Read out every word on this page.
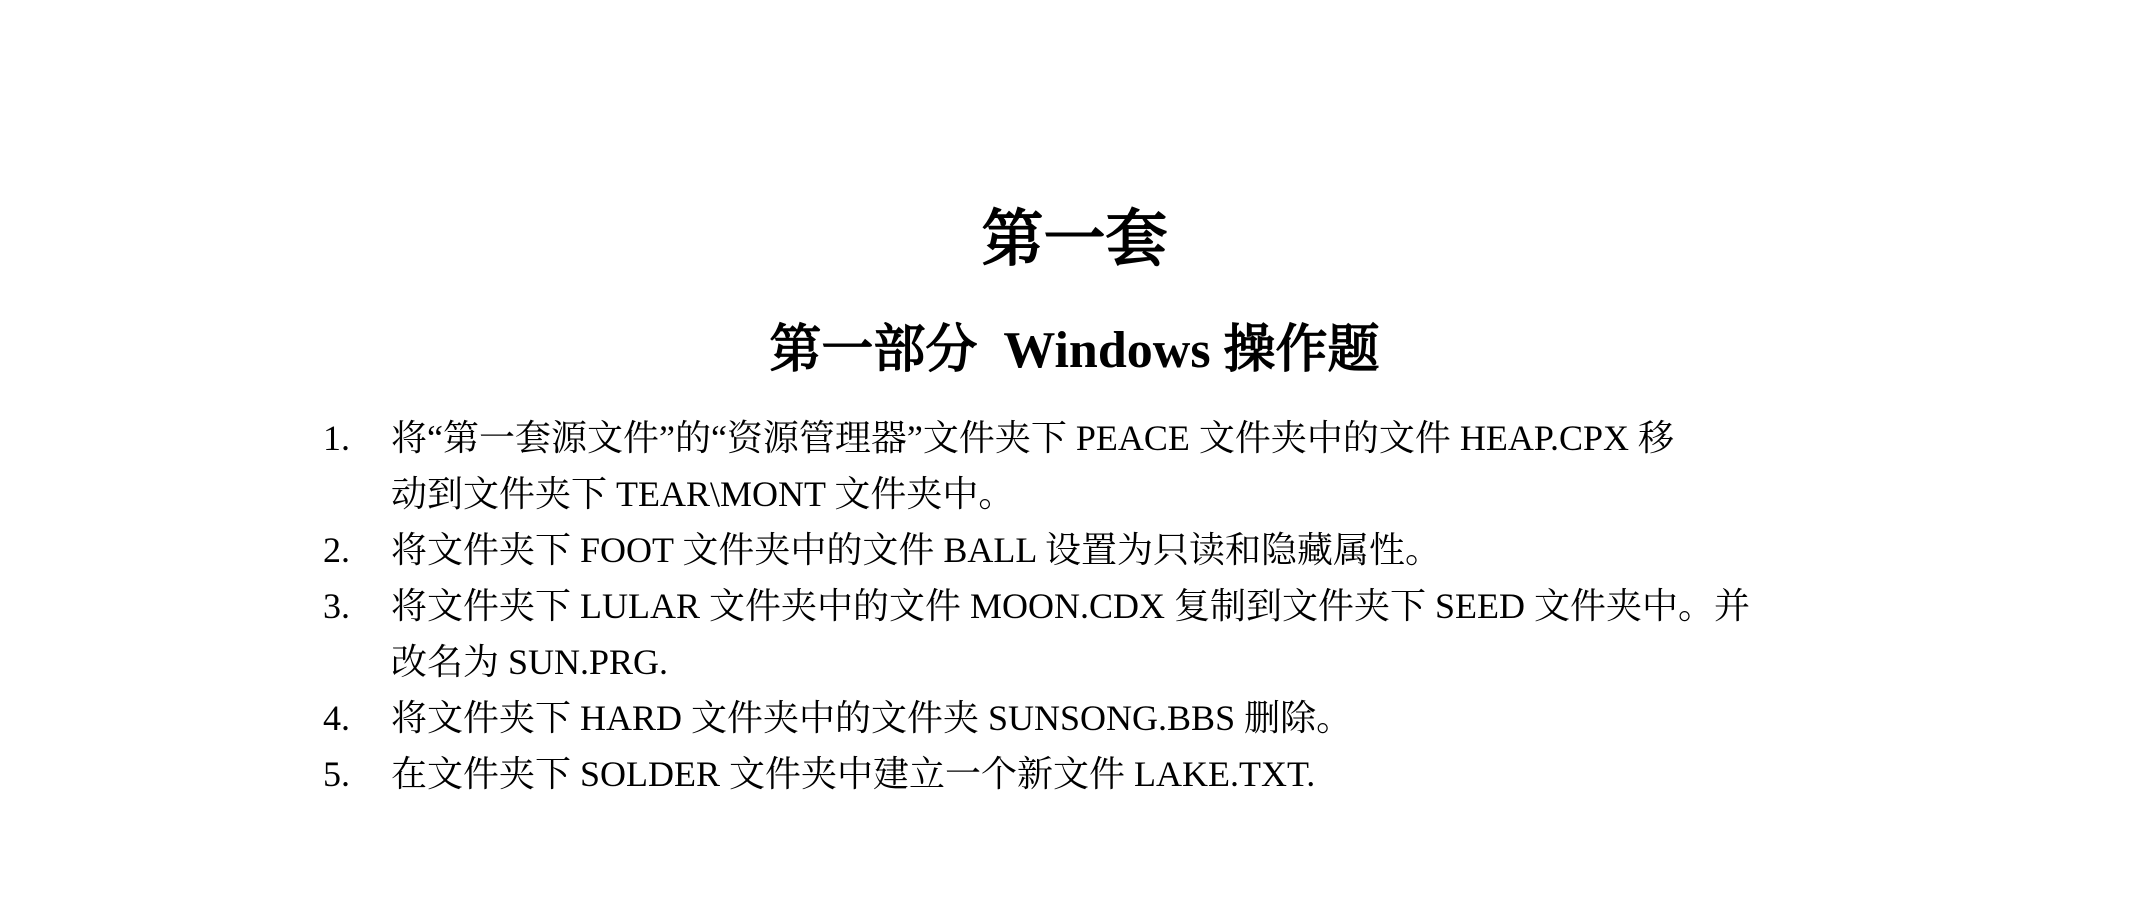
第一套
第一部分  Windows 操作题
1.	将“第一套源文件”的“资源管理器”文件夹下 PEACE 文件夹中的文件 HEAP.CPX 移
动到文件夹下 TEAR\MONT 文件夹中。
2.	将文件夹下 FOOT 文件夹中的文件 BALL 设置为只读和隐藏属性。
3.	将文件夹下 LULAR 文件夹中的文件 MOON.CDX 复制到文件夹下 SEED 文件夹中。并
改名为 SUN.PRG.
4.	将文件夹下 HARD 文件夹中的文件夹 SUNSONG.BBS 删除。
5.	在文件夹下 SOLDER 文件夹中建立一个新文件 LAKE.TXT.
